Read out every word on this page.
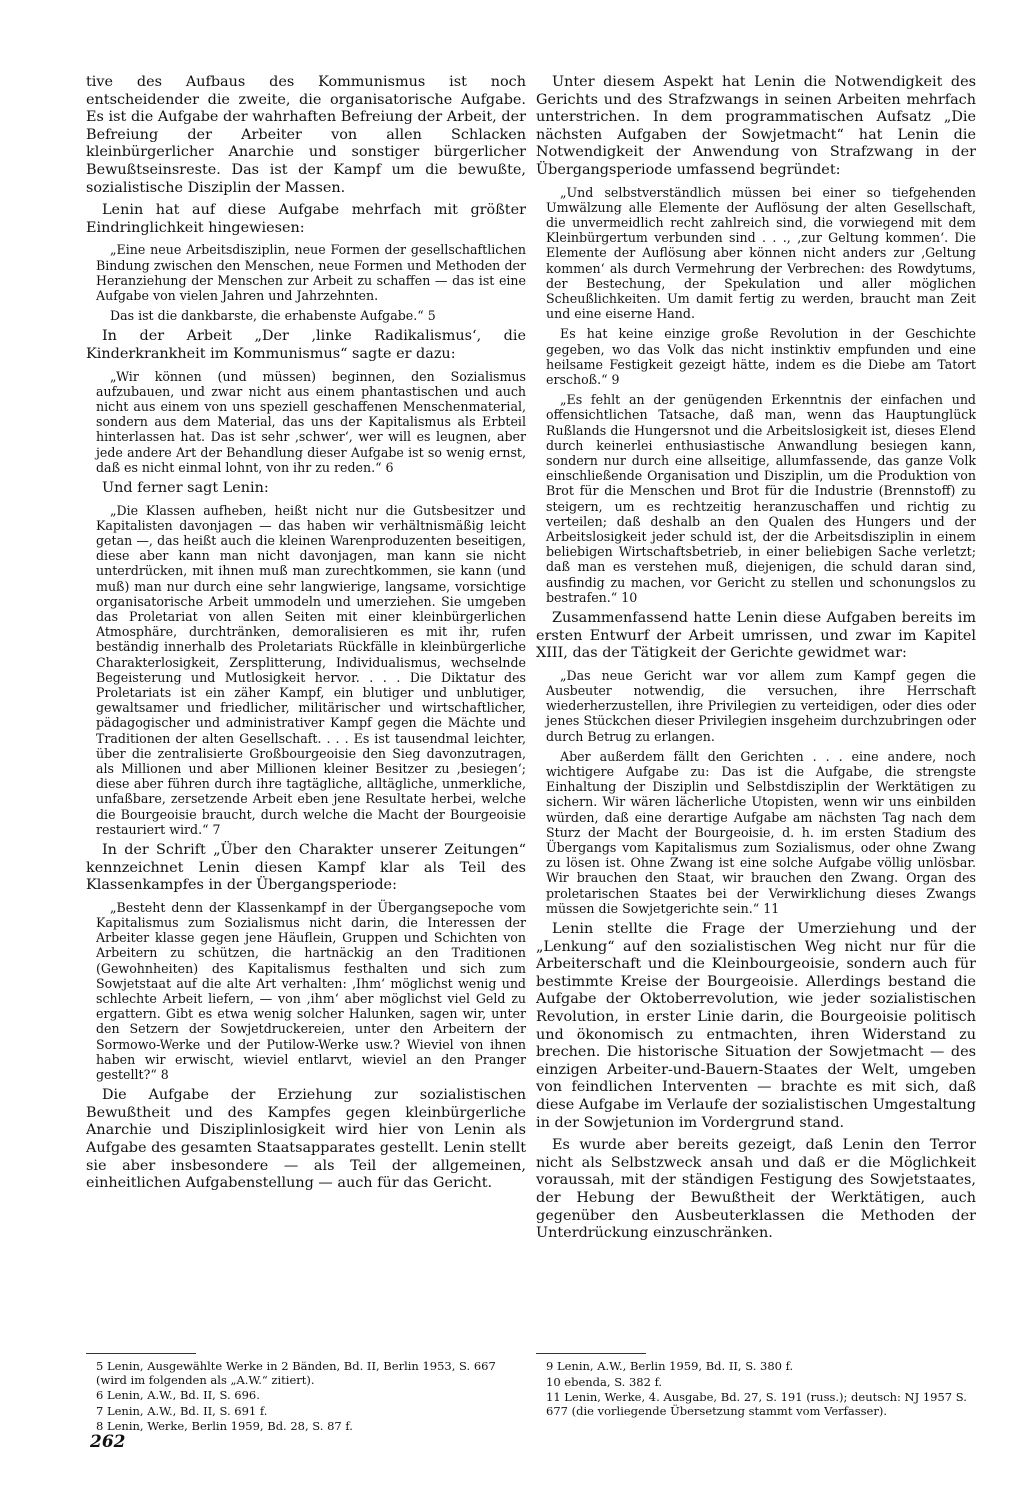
tive des Aufbaus des Kommunismus ist noch entscheidender die zweite, die organisatorische Aufgabe. Es ist die Aufgabe der wahrhaften Befreiung der Arbeit, der Befreiung der Arbeiter von allen Schlacken kleinbürgerlicher Anarchie und sonstiger bürgerlicher Bewußtseinsreste. Das ist der Kampf um die bewußte, sozialistische Disziplin der Massen.

Lenin hat auf diese Aufgabe mehrfach mit größter Eindringlichkeit hingewiesen:

„Eine neue Arbeitsdisziplin, neue Formen der gesellschaftlichen Bindung zwischen den Menschen, neue Formen und Methoden der Heranziehung der Menschen zur Arbeit zu schaffen — das ist eine Aufgabe von vielen Jahren und Jahrzehnten.

Das ist die dankbarste, die erhabenste Aufgabe.“ 5

In der Arbeit „Der ‚linke Radikalismus‘, die Kinderkrankheit im Kommunismus“ sagte er dazu:

„Wir können (und müssen) beginnen, den Sozialismus aufzubauen, und zwar nicht aus einem phantastischen und auch nicht aus einem von uns speziell geschaffenen Menschenmaterial, sondern aus dem Material, das uns der Kapitalismus als Erbteil hinterlassen hat. Das ist sehr ‚schwer‘, wer will es leugnen, aber jede andere Art der Behandlung dieser Aufgabe ist so wenig ernst, daß es nicht einmal lohnt, von ihr zu reden.“ 6

Und ferner sagt Lenin:

„Die Klassen aufheben, heißt nicht nur die Gutsbesitzer und Kapitalisten davonjagen — das haben wir verhältnismäßig leicht getan —, das heißt auch die kleinen Warenproduzenten beseitigen, diese aber kann man nicht davonjagen, man kann sie nicht unterdrücken, mit ihnen muß man zurechtkommen, sie kann (und muß) man nur durch eine sehr langwierige, langsame, vorsichtige organisatorische Arbeit ummodeln und umerziehen. Sie umgeben das Proletariat von allen Seiten mit einer kleinbürgerlichen Atmosphäre, durchtränken, demoralisieren es mit ihr, rufen beständig innerhalb des Proletariats Rückfälle in kleinbürgerliche Charakterlosigkeit, Zersplitterung, Individualismus, wechselnde Begeisterung und Mutlosigkeit hervor. . . . Die Diktatur des Proletariats ist ein zäher Kampf, ein blutiger und unblutiger, gewaltsamer und friedlicher, militärischer und wirtschaftlicher, pädagogischer und administrativer Kampf gegen die Mächte und Traditionen der alten Gesellschaft. . . . Es ist tausendmal leichter, über die zentralisierte Großbourgeoisie den Sieg davonzutragen, als Millionen und aber Millionen kleiner Besitzer zu ‚besiegen‘; diese aber führen durch ihre tagtägliche, alltägliche, unmerkliche, unfaßbare, zersetzende Arbeit eben jene Resultate herbei, welche die Bourgeoisie braucht, durch welche die Macht der Bourgeoisie restauriert wird.“ 7

In der Schrift „Über den Charakter unserer Zeitungen“ kennzeichnet Lenin diesen Kampf klar als Teil des Klassenkampfes in der Übergangsperiode:

„Besteht denn der Klassenkampf in der Übergangsepoche vom Kapitalismus zum Sozialismus nicht darin, die Interessen der Arbeiter klasse gegen jene Häuflein, Gruppen und Schichten von Arbeitern zu schützen, die hartnäckig an den Traditionen (Gewohnheiten) des Kapitalismus festhalten und sich zum Sowjetstaat auf die alte Art verhalten: ‚Ihm‘ möglichst wenig und schlechte Arbeit liefern, — von ‚ihm‘ aber möglichst viel Geld zu ergattern. Gibt es etwa wenig solcher Halunken, sagen wir, unter den Setzern der Sowjetdruckereien, unter den Arbeitern der Sormowo-Werke und der Putilow-Werke usw.? Wieviel von ihnen haben wir erwischt, wieviel entlarvt, wieviel an den Pranger gestellt?“ 8

Die Aufgabe der Erziehung zur sozialistischen Bewußtheit und des Kampfes gegen kleinbürgerliche Anarchie und Disziplinlosigkeit wird hier von Lenin als Aufgabe des gesamten Staatsapparates gestellt. Lenin stellt sie aber insbesondere — als Teil der allgemeinen, einheitlichen Aufgabenstellung — auch für das Gericht.

Unter diesem Aspekt hat Lenin die Notwendigkeit des Gerichts und des Strafzwangs in seinen Arbeiten mehrfach unterstrichen. In dem programmatischen Aufsatz „Die nächsten Aufgaben der Sowjetmacht“ hat Lenin die Notwendigkeit der Anwendung von Strafzwang in der Übergangsperiode umfassend begründet:

„Und selbstverständlich müssen bei einer so tiefgehenden Umwälzung alle Elemente der Auflösung der alten Gesellschaft, die unvermeidlich recht zahlreich sind, die vorwiegend mit dem Kleinbürgertum verbunden sind . . ., ‚zur Geltung kommen‘. Die Elemente der Auflösung aber können nicht anders zur ‚Geltung kommen‘ als durch Vermehrung der Verbrechen: des Rowdytums, der Bestechung, der Spekulation und aller möglichen Scheußlichkeiten. Um damit fertig zu werden, braucht man Zeit und eine eiserne Hand.

Es hat keine einzige große Revolution in der Geschichte gegeben, wo das Volk das nicht instinktiv empfunden und eine heilsame Festigkeit gezeigt hätte, indem es die Diebe am Tatort erschoß.“ 9

„Es fehlt an der genügenden Erkenntnis der einfachen und offensichtlichen Tatsache, daß man, wenn das Hauptunglück Rußlands die Hungersnot und die Arbeitslosigkeit ist, dieses Elend durch keinerlei enthusiastische Anwandlung besiegen kann, sondern nur durch eine allseitige, allumfassende, das ganze Volk einschließende Organisation und Disziplin, um die Produktion von Brot für die Menschen und Brot für die Industrie (Brennstoff) zu steigern, um es rechtzeitig heranzuschaffen und richtig zu verteilen; daß deshalb an den Qualen des Hungers und der Arbeitslosigkeit jeder schuld ist, der die Arbeitsdisziplin in einem beliebigen Wirtschaftsbetrieb, in einer beliebigen Sache verletzt; daß man es verstehen muß, diejenigen, die schuld daran sind, ausfindig zu machen, vor Gericht zu stellen und schonungslos zu bestrafen.“ 10

Zusammenfassend hatte Lenin diese Aufgaben bereits im ersten Entwurf der Arbeit umrissen, und zwar im Kapitel XIII, das der Tätigkeit der Gerichte gewidmet war:

„Das neue Gericht war vor allem zum Kampf gegen die Ausbeuter notwendig, die versuchen, ihre Herrschaft wiederherzustellen, ihre Privilegien zu verteidigen, oder dies oder jenes Stückchen dieser Privilegien insgeheim durchzubringen oder durch Betrug zu erlangen.

Aber außerdem fällt den Gerichten . . . eine andere, noch wichtigere Aufgabe zu: Das ist die Aufgabe, die strengste Einhaltung der Disziplin und Selbstdisziplin der Werktätigen zu sichern. Wir wären lächerliche Utopisten, wenn wir uns einbilden würden, daß eine derartige Aufgabe am nächsten Tag nach dem Sturz der Macht der Bourgeoisie, d. h. im ersten Stadium des Übergangs vom Kapitalismus zum Sozialismus, oder ohne Zwang zu lösen ist. Ohne Zwang ist eine solche Aufgabe völlig unlösbar. Wir brauchen den Staat, wir brauchen den Zwang. Organ des proletarischen Staates bei der Verwirklichung dieses Zwangs müssen die Sowjetgerichte sein.“ 11

Lenin stellte die Frage der Umerziehung und der „Lenkung“ auf den sozialistischen Weg nicht nur für die Arbeiterschaft und die Kleinbourgeoisie, sondern auch für bestimmte Kreise der Bourgeoisie. Allerdings bestand die Aufgabe der Oktoberrevolution, wie jeder sozialistischen Revolution, in erster Linie darin, die Bourgeoisie politisch und ökonomisch zu entmachten, ihren Widerstand zu brechen. Die historische Situation der Sowjetmacht — des einzigen Arbeiter-und-Bauern-Staates der Welt, umgeben von feindlichen Interventen — brachte es mit sich, daß diese Aufgabe im Verlaufe der sozialistischen Umgestaltung in der Sowjetunion im Vordergrund stand.

Es wurde aber bereits gezeigt, daß Lenin den Terror nicht als Selbstzweck ansah und daß er die Möglichkeit voraussah, mit der ständigen Festigung des Sowjetstaates, der Hebung der Bewußtheit der Werktätigen, auch gegenüber den Ausbeuterklassen die Methoden der Unterdrückung einzuschränken.

5 Lenin, Ausgewählte Werke in 2 Bänden, Bd. II, Berlin 1953, S. 667 (wird im folgenden als „A.W.“ zitiert).

6 Lenin, A.W., Bd. II, S. 696.

7 Lenin, A.W., Bd. II, S. 691 f.

8 Lenin, Werke, Berlin 1959, Bd. 28, S. 87 f.

9 Lenin, A.W., Berlin 1959, Bd. II, S. 380 f.

10 ebenda, S. 382 f.

11 Lenin, Werke, 4. Ausgabe, Bd. 27, S. 191 (russ.); deutsch: NJ 1957 S. 677 (die vorliegende Übersetzung stammt vom Verfasser).

262
